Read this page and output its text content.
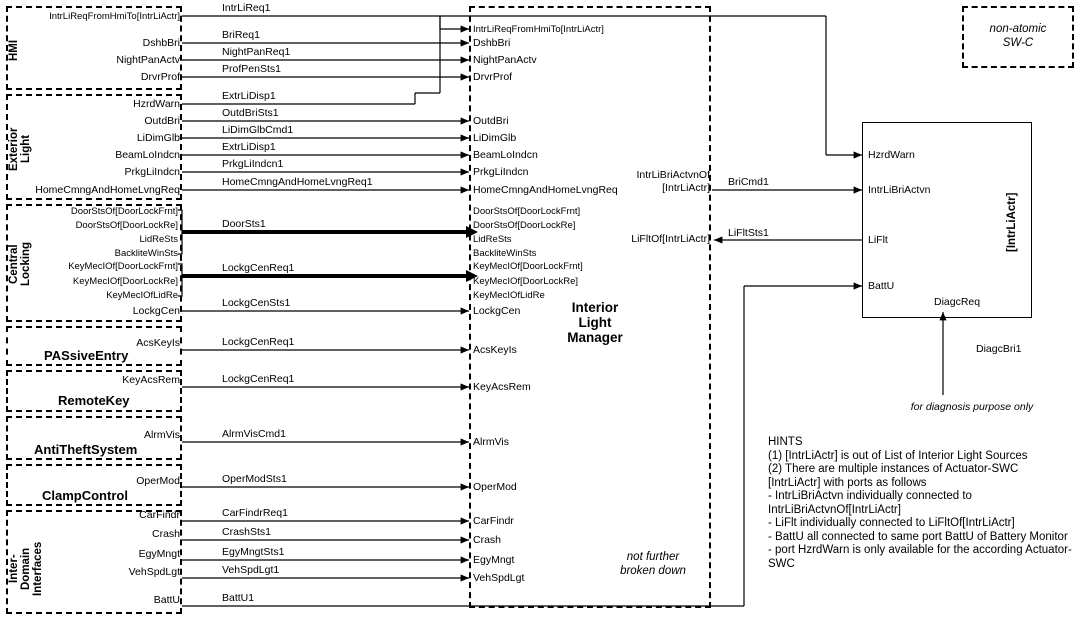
HMI
Exterior
Light
Central
Locking
PASsiveEntry
RemoteKey
AntiTheftSystem
ClampControl
Inter-
Domain
Interfaces
Interior
Light
Manager
not further
broken down
[IntrLiActr]
non-atomic
SW-C
IntrLiReqFromHmiTo[IntrLiActr]
DshbBri
NightPanActv
DrvrProf
HzrdWarn
OutdBri
LiDimGlb
BeamLoIndcn
PrkgLiIndcn
HomeCmngAndHomeLvngReq
DoorStsOf[DoorLockFrnt]
DoorStsOf[DoorLockRe]
LidReSts
BackliteWinSts
KeyMecIOf[DoorLockFrnt]
KeyMecIOf[DoorLockRe]
KeyMecIOfLidRe
LockgCen
AcsKeyIs
KeyAcsRem
AlrmVis
OperMod
CarFindr
Crash
EgyMngt
VehSpdLgt
BattU
IntrLiReq1
BriReq1
NightPanReq1
ProfPenSts1
ExtrLiDisp1
OutdBriSts1
LiDimGlbCmd1
ExtrLiDisp1
PrkgLiIndcn1
HomeCmngAndHomeLvngReq1
DoorSts1
LockgCenReq1
LockgCenSts1
LockgCenReq1
LockgCenReq1
AlrmVisCmd1
OperModSts1
CarFindrReq1
CrashSts1
EgyMngtSts1
VehSpdLgt1
BattU1
IntrLiReqFromHmiTo[IntrLiActr]
DshbBri
NightPanActv
DrvrProf
OutdBri
LiDimGlb
BeamLoIndcn
PrkgLiIndcn
HomeCmngAndHomeLvngReq
DoorStsOf[DoorLockFrnt]
DoorStsOf[DoorLockRe]
LidReSts
BackliteWinSts
KeyMecIOf[DoorLockFrnt]
KeyMecIOf[DoorLockRe]
KeyMecIOfLidRe
LockgCen
AcsKeyIs
KeyAcsRem
AlrmVis
OperMod
CarFindr
Crash
EgyMngt
VehSpdLgt
IntrLiBriActvnOf
[IntrLiActr]
LiFltOf[IntrLiActr]
BriCmd1
LiFltSts1
DiagcReq
DiagcBri1
HzrdWarn
IntrLiBriActvn
LiFlt
BattU
for diagnosis purpose only
HINTS
(1) [IntrLiActr] is out of List of Interior Light Sources
(2) There are multiple instances of Actuator-SWC [IntrLiActr] with ports as follows
- IntrLiBriActvn individually connected to IntrLiBriActvnOf[IntrLiActr]
- LiFlt individually connected to LiFltOf[IntrLiActr]
- BattU all connected to same port BattU of Battery Monitor
- port HzrdWarn is only available for the according Actuator-SWC
